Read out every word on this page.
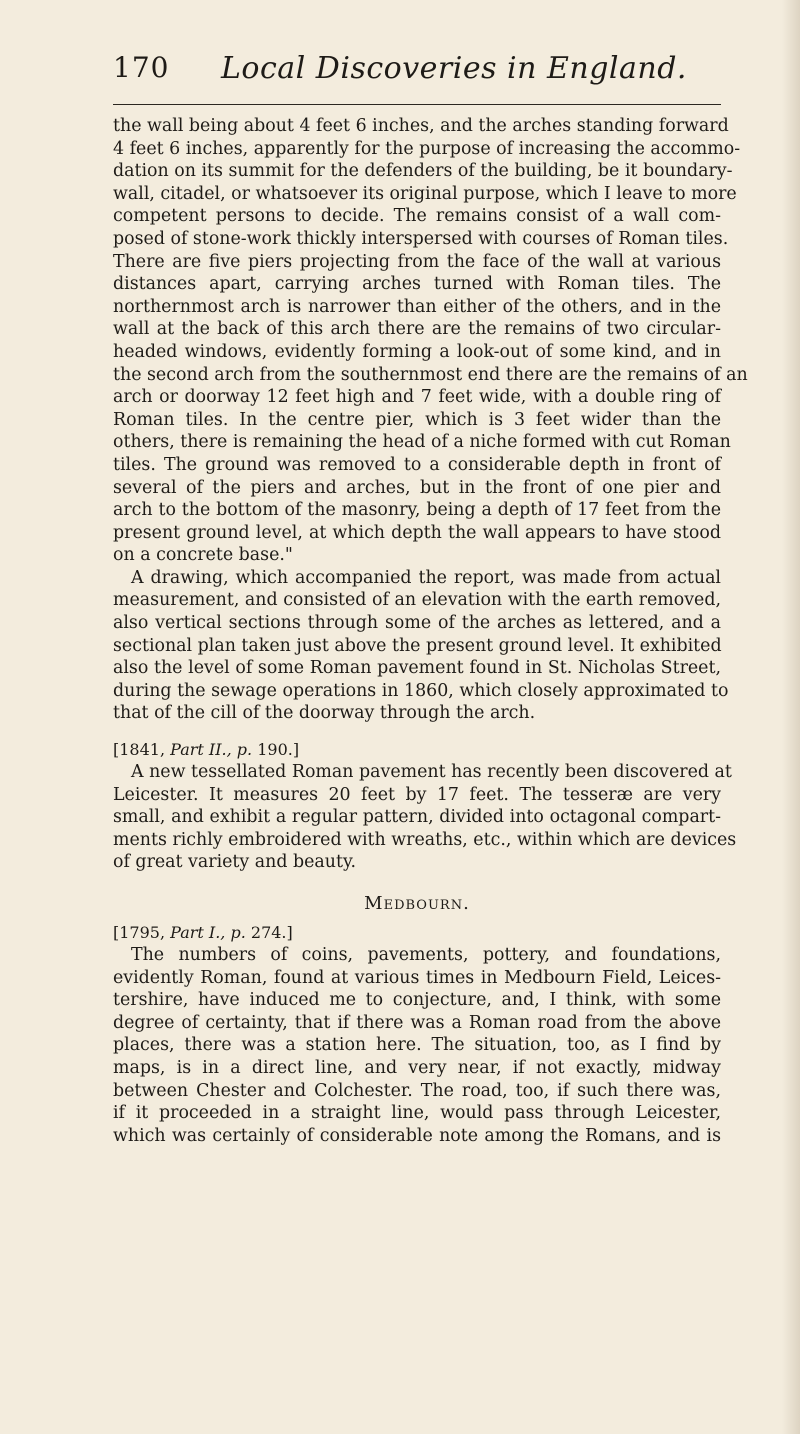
170 Local Discoveries in England.
the wall being about 4 feet 6 inches, and the arches standing forward
4 feet 6 inches, apparently for the purpose of increasing the accommo-
dation on its summit for the defenders of the building, be it boundary-
wall, citadel, or whatsoever its original purpose, which I leave to more
competent persons to decide. The remains consist of a wall com-
posed of stone-work thickly interspersed with courses of Roman tiles.
There are five piers projecting from the face of the wall at various
distances apart, carrying arches turned with Roman tiles. The
northernmost arch is narrower than either of the others, and in the
wall at the back of this arch there are the remains of two circular-
headed windows, evidently forming a look-out of some kind, and in
the second arch from the southernmost end there are the remains of an
arch or doorway 12 feet high and 7 feet wide, with a double ring of
Roman tiles. In the centre pier, which is 3 feet wider than the
others, there is remaining the head of a niche formed with cut Roman
tiles. The ground was removed to a considerable depth in front of
several of the piers and arches, but in the front of one pier and
arch to the bottom of the masonry, being a depth of 17 feet from the
present ground level, at which depth the wall appears to have stood
on a concrete base."
A drawing, which accompanied the report, was made from actual
measurement, and consisted of an elevation with the earth removed,
also vertical sections through some of the arches as lettered, and a
sectional plan taken just above the present ground level. It exhibited
also the level of some Roman pavement found in St. Nicholas Street,
during the sewage operations in 1860, which closely approximated to
that of the cill of the doorway through the arch.
[1841, Part II., p. 190.]
A new tessellated Roman pavement has recently been discovered at
Leicester. It measures 20 feet by 17 feet. The tesseræ are very
small, and exhibit a regular pattern, divided into octagonal compart-
ments richly embroidered with wreaths, etc., within which are devices
of great variety and beauty.
Medbourn.
[1795, Part I., p. 274.]
The numbers of coins, pavements, pottery, and foundations,
evidently Roman, found at various times in Medbourn Field, Leices-
tershire, have induced me to conjecture, and, I think, with some
degree of certainty, that if there was a Roman road from the above
places, there was a station here. The situation, too, as I find by
maps, is in a direct line, and very near, if not exactly, midway
between Chester and Colchester. The road, too, if such there was,
if it proceeded in a straight line, would pass through Leicester,
which was certainly of considerable note among the Romans, and is
